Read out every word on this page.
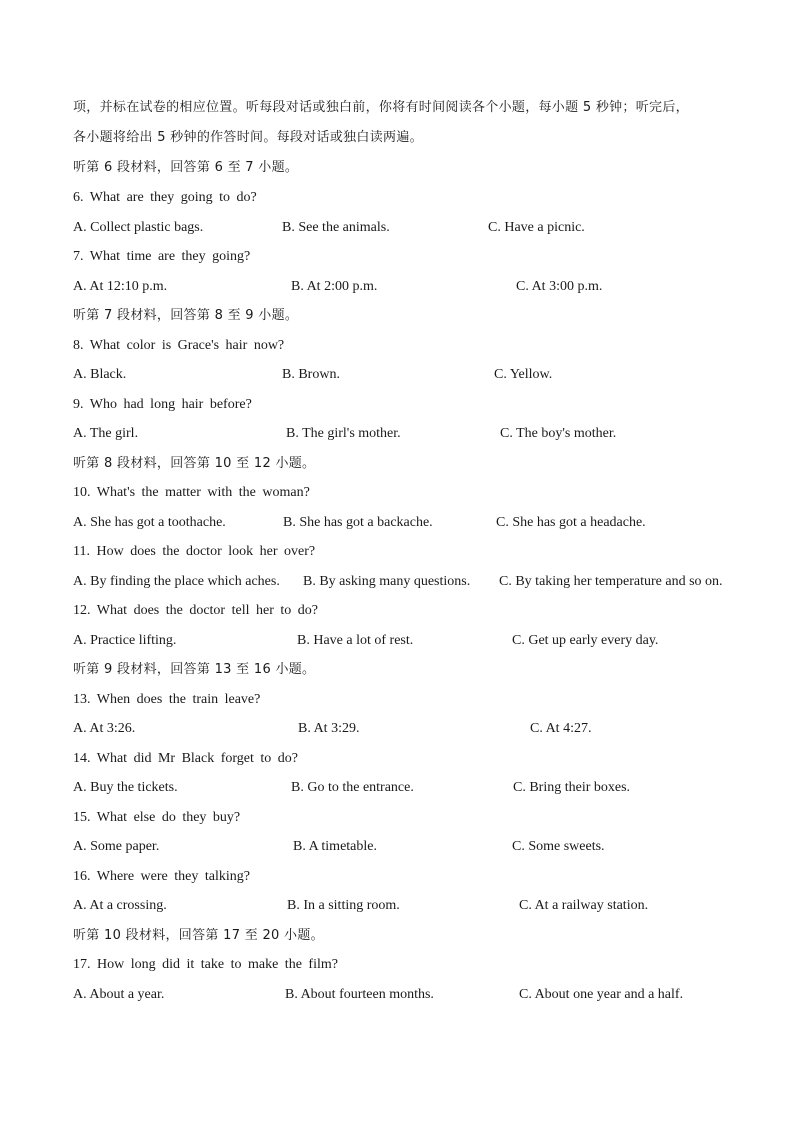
项，并标在试卷的相应位置。听每段对话或独白前，你将有时间阅读各个小题，每小题 5 秒钟；听完后，
各小题将给出 5 秒钟的作答时间。每段对话或独白读两遍。
听第 6 段材料，回答第 6 至 7 小题。
6. What are they going to do?
A. Collect plastic bags.	B. See the animals.	C. Have a picnic.
7. What time are they going?
A. At 12:10 p.m.	B. At 2:00 p.m.	C. At 3:00 p.m.
听第 7 段材料，回答第 8 至 9 小题。
8. What color is Grace's hair now?
A. Black.	B. Brown.	C. Yellow.
9. Who had long hair before?
A. The girl.	B. The girl's mother.	C. The boy's mother.
听第 8 段材料，回答第 10 至 12 小题。
10. What's the matter with the woman?
A. She has got a toothache.	B. She has got a backache.	C. She has got a headache.
11. How does the doctor look her over?
A. By finding the place which aches. B. By asking many questions. C. By taking her temperature and so on.
12. What does the doctor tell her to do?
A. Practice lifting.	B. Have a lot of rest.	C. Get up early every day.
听第 9 段材料，回答第 13 至 16 小题。
13. When does the train leave?
A. At 3:26.	B. At 3:29.	C. At 4:27.
14. What did Mr Black forget to do?
A. Buy the tickets.	B. Go to the entrance.	C. Bring their boxes.
15. What else do they buy?
A. Some paper.	B. A timetable.	C. Some sweets.
16. Where were they talking?
A. At a crossing.	B. In a sitting room.	C. At a railway station.
听第 10 段材料，回答第 17 至 20 小题。
17. How long did it take to make the film?
A. About a year.	B. About fourteen months.	C. About one year and a half.
